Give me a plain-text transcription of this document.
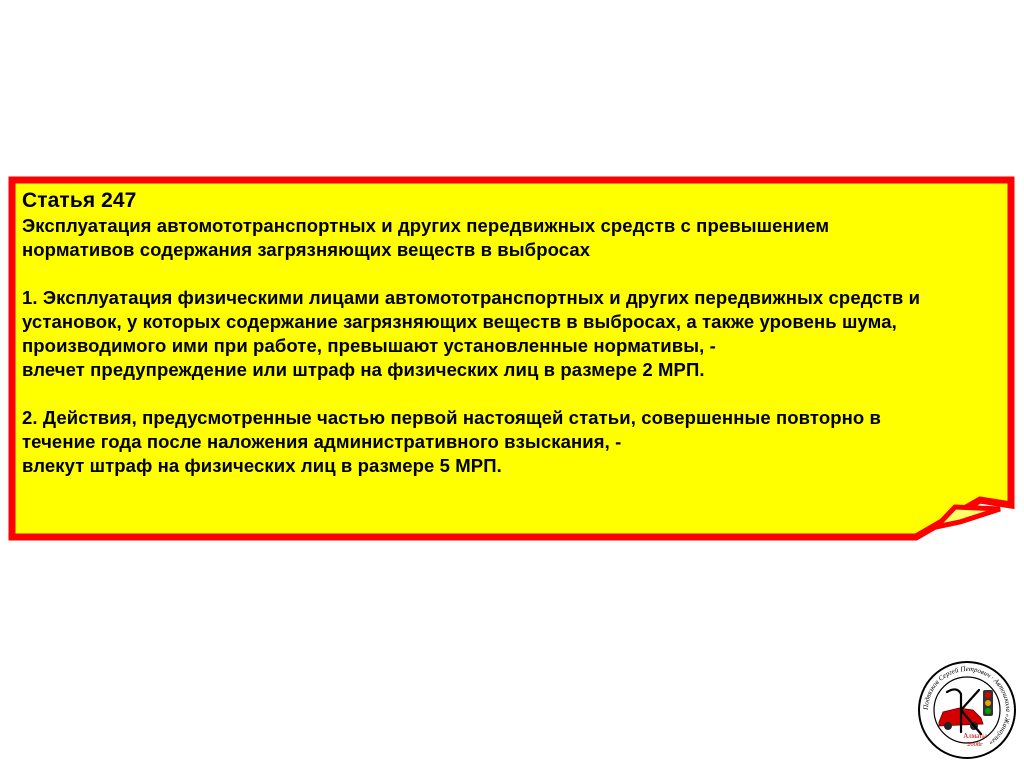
Статья 247
Эксплуатация автомототранспортных и других передвижных средств с превышением
нормативов содержания загрязняющих веществ в выбросах
1. Эксплуатация физическими лицами автомототранспортных и других передвижных средств и
установок, у которых содержание загрязняющих веществ в выбросах, а также уровень шума,
производимого ими при работе, превышают установленные нормативы, -
влечет предупреждение или штраф на физических лиц в размере 2 МРП.
2. Действия, предусмотренные частью первой настоящей статьи, совершенные повторно в
течение года после наложения административного взыскания, -
влекут штраф на физических лиц в размере 5 МРП.
Подвязков Сергей Петрович · Автошкола «Жанаулы»
Алматы
2008г
